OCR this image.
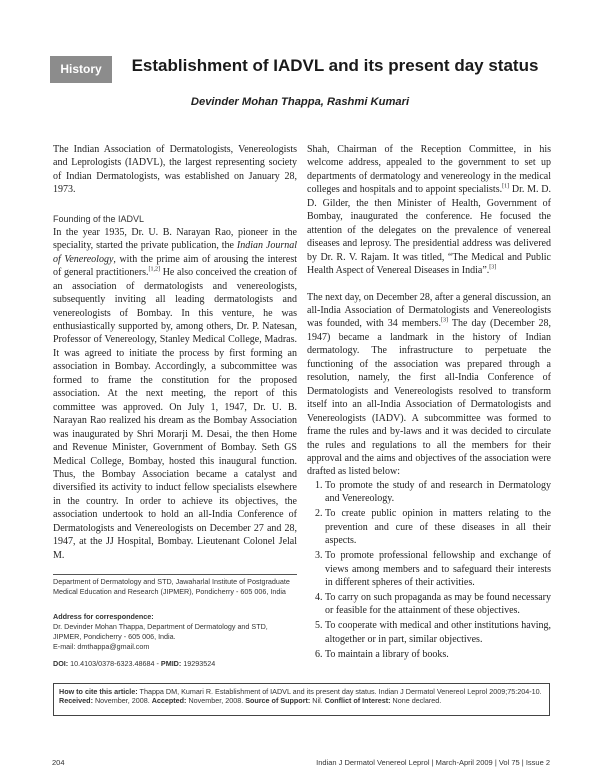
History	Establishment of IADVL and its present day status
Devinder Mohan Thappa, Rashmi Kumari

The Indian Association of Dermatologists, Venereologists and Leprologists (IADVL), the largest representing society of Indian Dermatologists, was established on January 28, 1973.

Founding of the IADVL

In the year 1935, Dr. U. B. Narayan Rao, pioneer in the speciality, started the private publication, the Indian Journal of Venereology, with the prime aim of arousing the interest of general practitioners.[1,2] He also conceived the creation of an association of dermatologists and venereologists, subsequently inviting all leading dermatologists and venereologists of Bombay. In this venture, he was enthusiastically supported by, among others, Dr. P. Natesan, Professor of Venereology, Stanley Medical College, Madras. It was agreed to initiate the process by first forming an association in Bombay. Accordingly, a subcommittee was formed to frame the constitution for the proposed association. At the next meeting, the report of this committee was approved. On July 1, 1947, Dr. U. B. Narayan Rao realized his dream as the Bombay Association was inaugurated by Shri Morarji M. Desai, the then Home and Revenue Minister, Government of Bombay. Seth GS Medical College, Bombay, hosted this inaugural function. Thus, the Bombay Association became a catalyst and diversified its activity to induct fellow specialists elsewhere in the country. In order to achieve its objectives, the association undertook to hold an all-India Conference of Dermatologists and Venereologists on December 27 and 28, 1947, at the JJ Hospital, Bombay. Lieutenant Colonel Jelal M.

Shah, Chairman of the Reception Committee, in his welcome address, appealed to the government to set up departments of dermatology and venereology in the medical colleges and hospitals and to appoint specialists.[1] Dr. M. D. D. Gilder, the then Minister of Health, Government of Bombay, inaugurated the conference. He focused the attention of the delegates on the prevalence of venereal diseases and leprosy. The presidential address was delivered by Dr. R. V. Rajam. It was titled, “The Medical and Public Health Aspect of Venereal Diseases in India”.[3]

The next day, on December 28, after a general discussion, an all-India Association of Dermatologists and Venereologists was founded, with 34 members.[3] The day (December 28, 1947) became a landmark in the history of Indian dermatology. The infrastructure to perpetuate the functioning of the association was prepared through a resolution, namely, the first all-India Conference of Dermatologists and Venereologists resolved to transform itself into an all-India Association of Dermatologists and Venereologists (IADV). A subcommittee was formed to frame the rules and by-laws and it was decided to circulate the rules and regulations to all the members for their approval and the aims and objectives of the association were drafted as listed below:

1. To promote the study of and research in Dermatology and Venereology.
2. To create public opinion in matters relating to the prevention and cure of these diseases in all their aspects.
3. To promote professional fellowship and exchange of views among members and to safeguard their interests in different spheres of their activities.
4. To carry on such propaganda as may be found necessary or feasible for the attainment of these objectives.
5. To cooperate with medical and other institutions having, altogether or in part, similar objectives.
6. To maintain a library of books.
Department of Dermatology and STD, Jawaharlal Institute of Postgraduate Medical Education and Research (JIPMER), Pondicherry - 605 006, India
Address for correspondence:
Dr. Devinder Mohan Thappa, Department of Dermatology and STD, JIPMER, Pondicherry - 605 006, India.
E-mail: dmthappa@gmail.com
DOI: 10.4103/0378-6323.48684 - PMID: 19293524
How to cite this article: Thappa DM, Kumari R. Establishment of IADVL and its present day status. Indian J Dermatol Venereol Leprol 2009;75:204-10.
Received: November, 2008. Accepted: November, 2008. Source of Support: Nil. Conflict of Interest: None declared.
204	Indian J Dermatol Venereol Leprol | March-April 2009 | Vol 75 | Issue 2
